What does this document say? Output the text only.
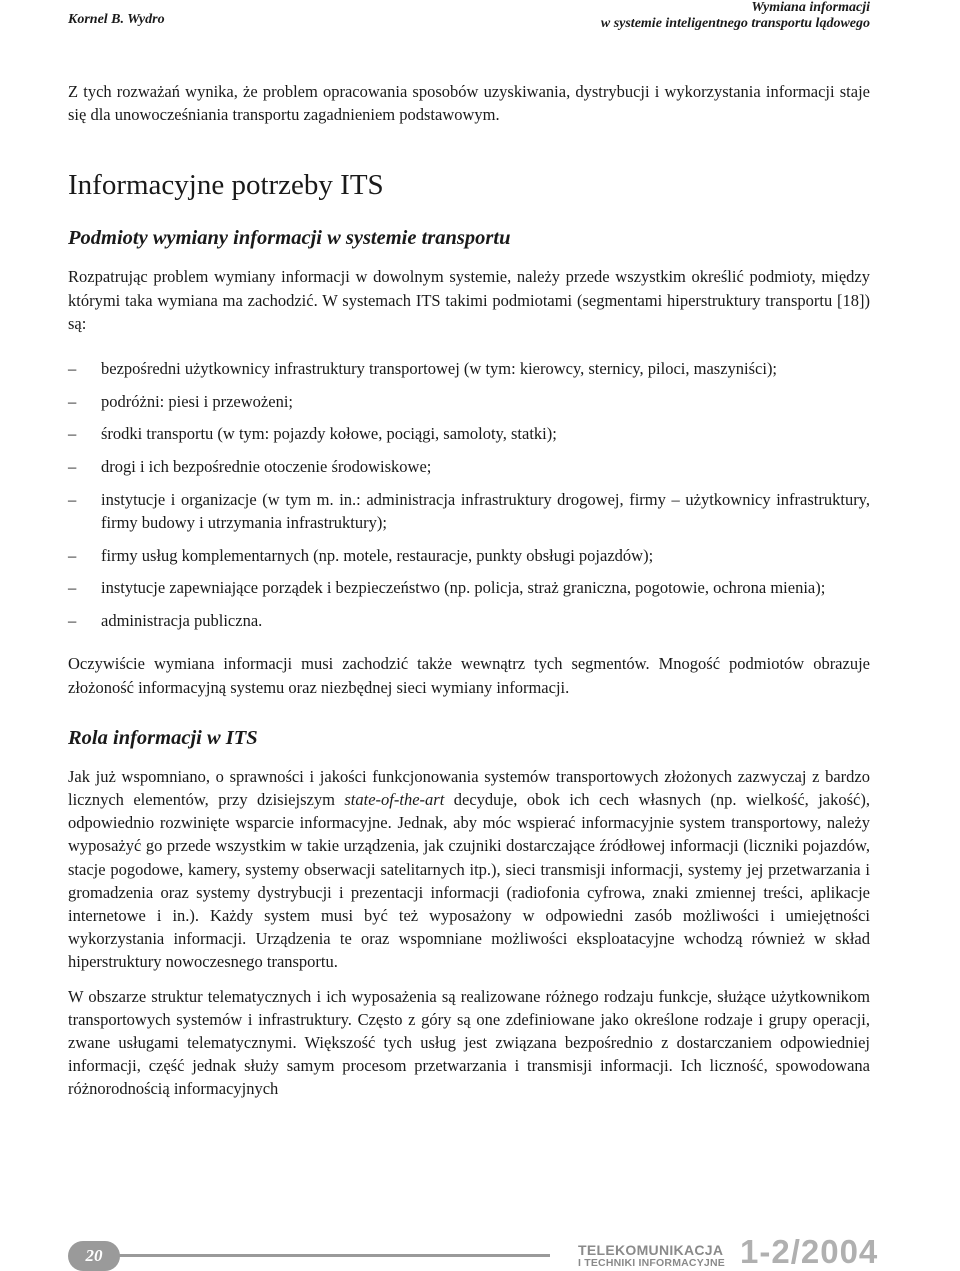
Kornel B. Wydro
Wymiana informacji
w systemie inteligentnego transportu lądowego

Z tych rozważań wynika, że problem opracowania sposobów uzyskiwania, dystrybucji i wykorzystania informacji staje się dla unowocześniania transportu zagadnieniem podstawowym.

Informacyjne potrzeby ITS
Podmioty wymiany informacji w systemie transportu

Rozpatrując problem wymiany informacji w dowolnym systemie, należy przede wszystkim określić podmioty, między którymi taka wymiana ma zachodzić. W systemach ITS takimi podmiotami (segmentami hiperstruktury transportu [18]) są:

– bezpośredni użytkownicy infrastruktury transportowej (w tym: kierowcy, sternicy, piloci, maszyniści);
– podróżni: piesi i przewożeni;
– środki transportu (w tym: pojazdy kołowe, pociągi, samoloty, statki);
– drogi i ich bezpośrednie otoczenie środowiskowe;
– instytucje i organizacje (w tym m. in.: administracja infrastruktury drogowej, firmy – użytkownicy infrastruktury, firmy budowy i utrzymania infrastruktury);
– firmy usług komplementarnych (np. motele, restauracje, punkty obsługi pojazdów);
– instytucje zapewniające porządek i bezpieczeństwo (np. policja, straż graniczna, pogotowie, ochrona mienia);
– administracja publiczna.

Oczywiście wymiana informacji musi zachodzić także wewnątrz tych segmentów. Mnogość podmiotów obrazuje złożoność informacyjną systemu oraz niezbędnej sieci wymiany informacji.

Rola informacji w ITS

Jak już wspomniano, o sprawności i jakości funkcjonowania systemów transportowych złożonych zazwyczaj z bardzo licznych elementów, przy dzisiejszym state-of-the-art decyduje, obok ich cech własnych (np. wielkość, jakość), odpowiednio rozwinięte wsparcie informacyjne. Jednak, aby móc wspierać informacyjnie system transportowy, należy wyposażyć go przede wszystkim w takie urządzenia, jak czujniki dostarczające źródłowej informacji (liczniki pojazdów, stacje pogodowe, kamery, systemy obserwacji satelitarnych itp.), sieci transmisji informacji, systemy jej przetwarzania i gromadzenia oraz systemy dystrybucji i prezentacji informacji (radiofonia cyfrowa, znaki zmiennej treści, aplikacje internetowe i in.). Każdy system musi być też wyposażony w odpowiedni zasób możliwości i umiejętności wykorzystania informacji. Urządzenia te oraz wspomniane możliwości eksploatacyjne wchodzą również w skład hiperstruktury nowoczesnego transportu.

W obszarze struktur telematycznych i ich wyposażenia są realizowane różnego rodzaju funkcje, służące użytkownikom transportowych systemów i infrastruktury. Często z góry są one zdefiniowane jako określone rodzaje i grupy operacji, zwane usługami telematycznymi. Większość tych usług jest związana bezpośrednio z dostarczaniem odpowiedniej informacji, część jednak służy samym procesom przetwarzania i transmisji informacji. Ich liczność, spowodowana różnorodnością informacyjnych

20	TELEKOMUNIKACJA
I TECHNIKI INFORMACYJNE 1-2/2004
